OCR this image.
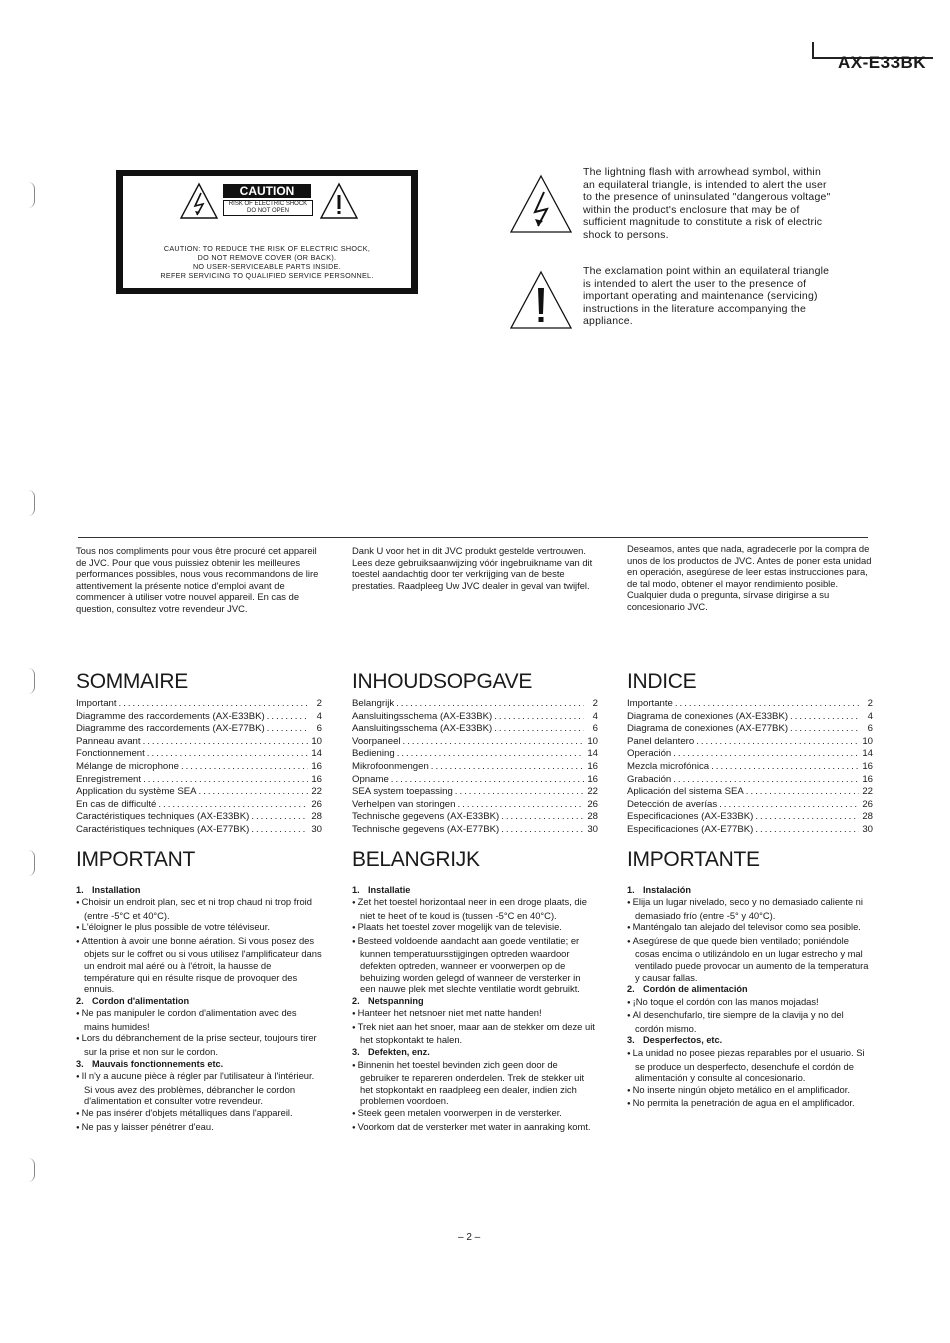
AX-E33BK
CAUTION
RISK OF ELECTRIC SHOCK DO NOT OPEN
CAUTION: TO REDUCE THE RISK OF ELECTRIC SHOCK,
DO NOT REMOVE COVER (OR BACK).
NO USER-SERVICEABLE PARTS INSIDE.
REFER SERVICING TO QUALIFIED SERVICE PERSONNEL.
The lightning flash with arrowhead symbol, within an equilateral triangle, is intended to alert the user to the presence of uninsulated "dangerous voltage" within the product's enclosure that may be of sufficient magnitude to constitute a risk of electric shock to persons.
The exclamation point within an equilateral triangle is intended to alert the user to the presence of important operating and maintenance (servicing) instructions in the literature accompanying the appliance.
Tous nos compliments pour vous être procuré cet appareil de JVC. Pour que vous puissiez obtenir les meilleures performances possibles, nous vous recommandons de lire attentivement la présente notice d'emploi avant de commencer à utiliser votre nouvel appareil. En cas de question, consultez votre revendeur JVC.
SOMMAIRE
Important .....	2
Diagramme des raccordements (AX-E33BK) .....	4
Diagramme des raccordements (AX-E77BK) .....	6
Panneau avant .....	10
Fonctionnement .....	14
Mélange de microphone .....	16
Enregistrement .....	16
Application du système SEA .....	22
En cas de difficulté .....	26
Caractéristiques techniques (AX-E33BK) .....	28
Caractéristiques techniques (AX-E77BK) .....	30
IMPORTANT
1. Installation
● Choisir un endroit plan, sec et ni trop chaud ni trop froid (entre -5°C et 40°C).
● L'éloigner le plus possible de votre téléviseur.
● Attention à avoir une bonne aération. Si vous posez des objets sur le coffret ou si vous utilisez l'amplificateur dans un endroit mal aéré ou à l'étroit, la hausse de température qui en résulte risque de provoquer des ennuis.
2. Cordon d'alimentation
● Ne pas manipuler le cordon d'alimentation avec des mains humides!
● Lors du débranchement de la prise secteur, toujours tirer sur la prise et non sur le cordon.
3. Mauvais fonctionnements etc.
● Il n'y a aucune pièce à régler par l'utilisateur à l'intérieur. Si vous avez des problèmes, débrancher le cordon d'alimentation et consulter votre revendeur.
● Ne pas insérer d'objets métalliques dans l'appareil.
● Ne pas y laisser pénétrer d'eau.
Dank U voor het in dit JVC produkt gestelde vertrouwen. Lees deze gebruiksaanwijzing vóór ingebruikname van dit toestel aandachtig door ter verkrijging van de beste prestaties. Raadpleeg Uw JVC dealer in geval van twijfel.
INHOUDSOPGAVE
Belangrijk .....	2
Aansluitingsschema (AX-E33BK) .....	4
Aansluitingsschema (AX-E33BK) .....	6
Voorpaneel .....	10
Bediening .....	14
Mikrofoonmengen .....	16
Opname .....	16
SEA system toepassing .....	22
Verhelpen van storingen .....	26
Technische gegevens (AX-E33BK) .....	28
Technische gegevens (AX-E77BK) .....	30
BELANGRIJK
1. Installatie
● Zet het toestel horizontaal neer in een droge plaats, die niet te heet of te koud is (tussen -5°C en 40°C).
● Plaats het toestel zover mogelijk van de televisie.
● Besteed voldoende aandacht aan goede ventilatie; er kunnen temperatuursstijgingen optreden waardoor defekten optreden, wanneer er voorwerpen op de behuizing worden gelegd of wanneer de versterker in een nauwe plek met slechte ventilatie wordt gebruikt.
2. Netspanning
● Hanteer het netsnoer niet met natte handen!
● Trek niet aan het snoer, maar aan de stekker om deze uit het stopkontakt te halen.
3. Defekten, enz.
● Binnenin het toestel bevinden zich geen door de gebruiker te repareren onderdelen. Trek de stekker uit het stopkontakt en raadpleeg een dealer, indien zich problemen voordoen.
● Steek geen metalen voorwerpen in de versterker.
● Voorkom dat de versterker met water in aanraking komt.
Deseamos, antes que nada, agradecerle por la compra de unos de los productos de JVC. Antes de poner esta unidad en operación, asegúrese de leer estas instrucciones para, de tal modo, obtener el mayor rendimiento posible. Cualquier duda o pregunta, sírvase dirigirse a su concesionario JVC.
INDICE
Importante .....	2
Diagrama de conexiones (AX-E33BK) .....	4
Diagrama de conexiones (AX-E77BK) .....	6
Panel delantero .....	10
Operación .....	14
Mezcla microfónica .....	16
Grabación .....	16
Aplicación del sistema SEA .....	22
Detección de averías .....	26
Especificaciones (AX-E33BK) .....	28
Especificaciones (AX-E77BK) .....	30
IMPORTANTE
1. Instalación
● Elija un lugar nivelado, seco y no demasiado caliente ni demasiado frío (entre -5° y 40°C).
● Manténgalo tan alejado del televisor como sea posible.
● Asegúrese de que quede bien ventilado; poniéndole cosas encima o utilizándolo en un lugar estrecho y mal ventilado puede provocar un aumento de la temperatura y causar fallas.
2. Cordón de alimentación
● ¡No toque el cordón con las manos mojadas!
● Al desenchufarlo, tire siempre de la clavija y no del cordón mismo.
3. Desperfectos, etc.
● La unidad no posee piezas reparables por el usuario. Si se produce un desperfecto, desenchufe el cordón de alimentación y consulte al concesionario.
● No inserte ningún objeto metálico en el amplificador.
● No permita la penetración de agua en el amplificador.
– 2 –
